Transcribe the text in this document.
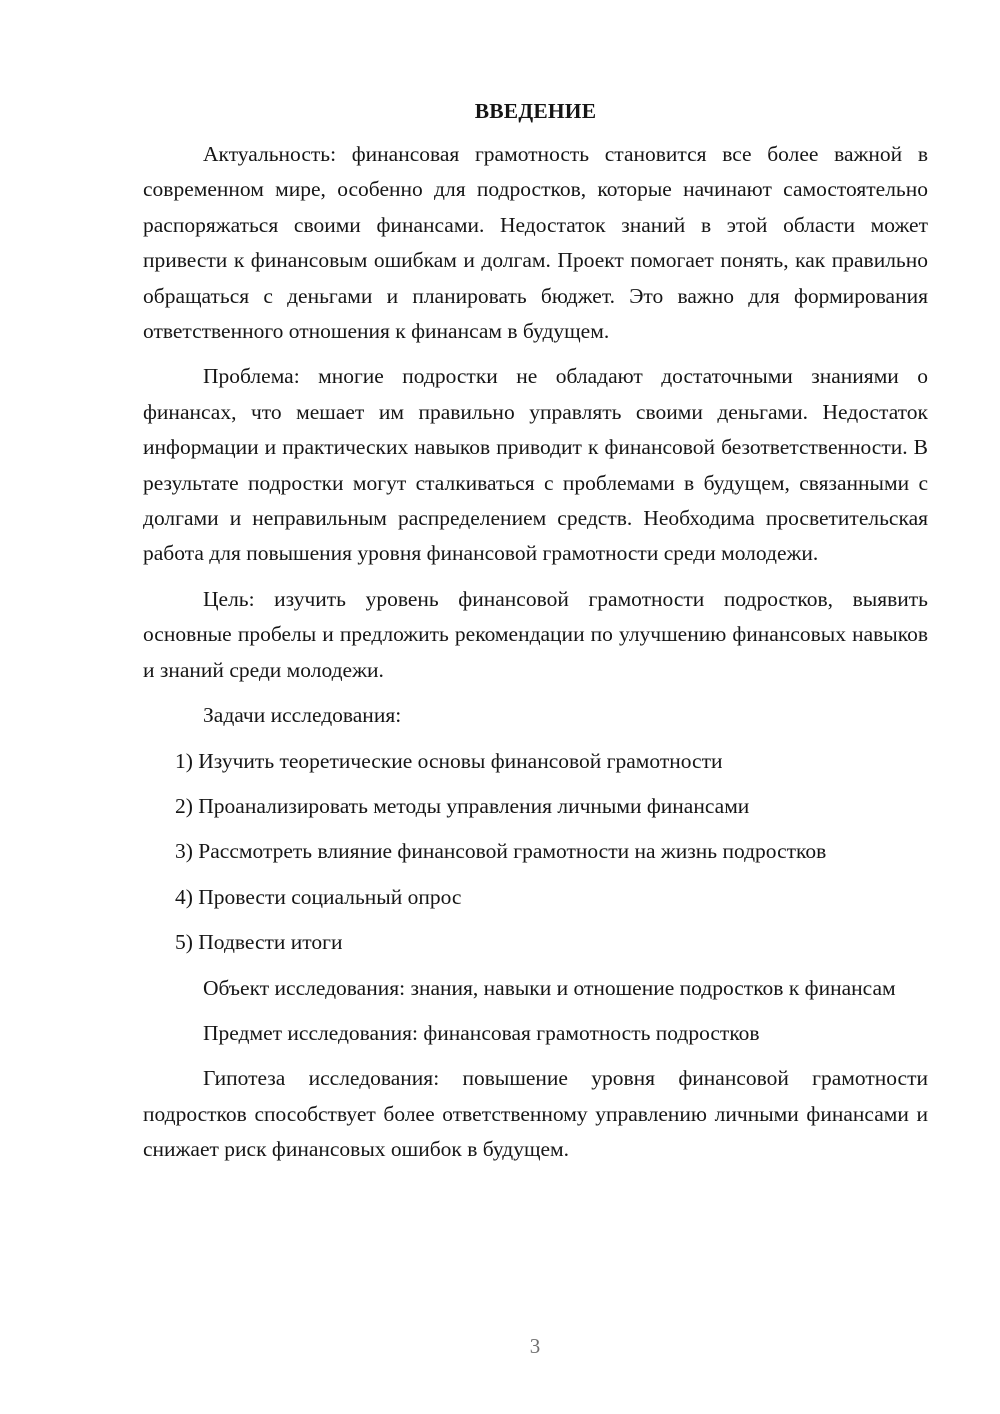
ВВЕДЕНИЕ

Актуальность: финансовая грамотность становится все более важной в современном мире, особенно для подростков, которые начинают самостоятельно распоряжаться своими финансами. Недостаток знаний в этой области может привести к финансовым ошибкам и долгам. Проект помогает понять, как правильно обращаться с деньгами и планировать бюджет. Это важно для формирования ответственного отношения к финансам в будущем.

Проблема: многие подростки не обладают достаточными знаниями о финансах, что мешает им правильно управлять своими деньгами. Недостаток информации и практических навыков приводит к финансовой безответственности. В результате подростки могут сталкиваться с проблемами в будущем, связанными с долгами и неправильным распределением средств. Необходима просветительская работа для повышения уровня финансовой грамотности среди молодежи.

Цель: изучить уровень финансовой грамотности подростков, выявить основные пробелы и предложить рекомендации по улучшению финансовых навыков и знаний среди молодежи.

Задачи исследования:

1) Изучить теоретические основы финансовой грамотности

2) Проанализировать методы управления личными финансами

3) Рассмотреть влияние финансовой грамотности на жизнь подростков

4) Провести социальный опрос

5) Подвести итоги

Объект исследования: знания, навыки и отношение подростков к финансам

Предмет исследования: финансовая грамотность подростков

Гипотеза исследования: повышение уровня финансовой грамотности подростков способствует более ответственному управлению личными финансами и снижает риск финансовых ошибок в будущем.

3
